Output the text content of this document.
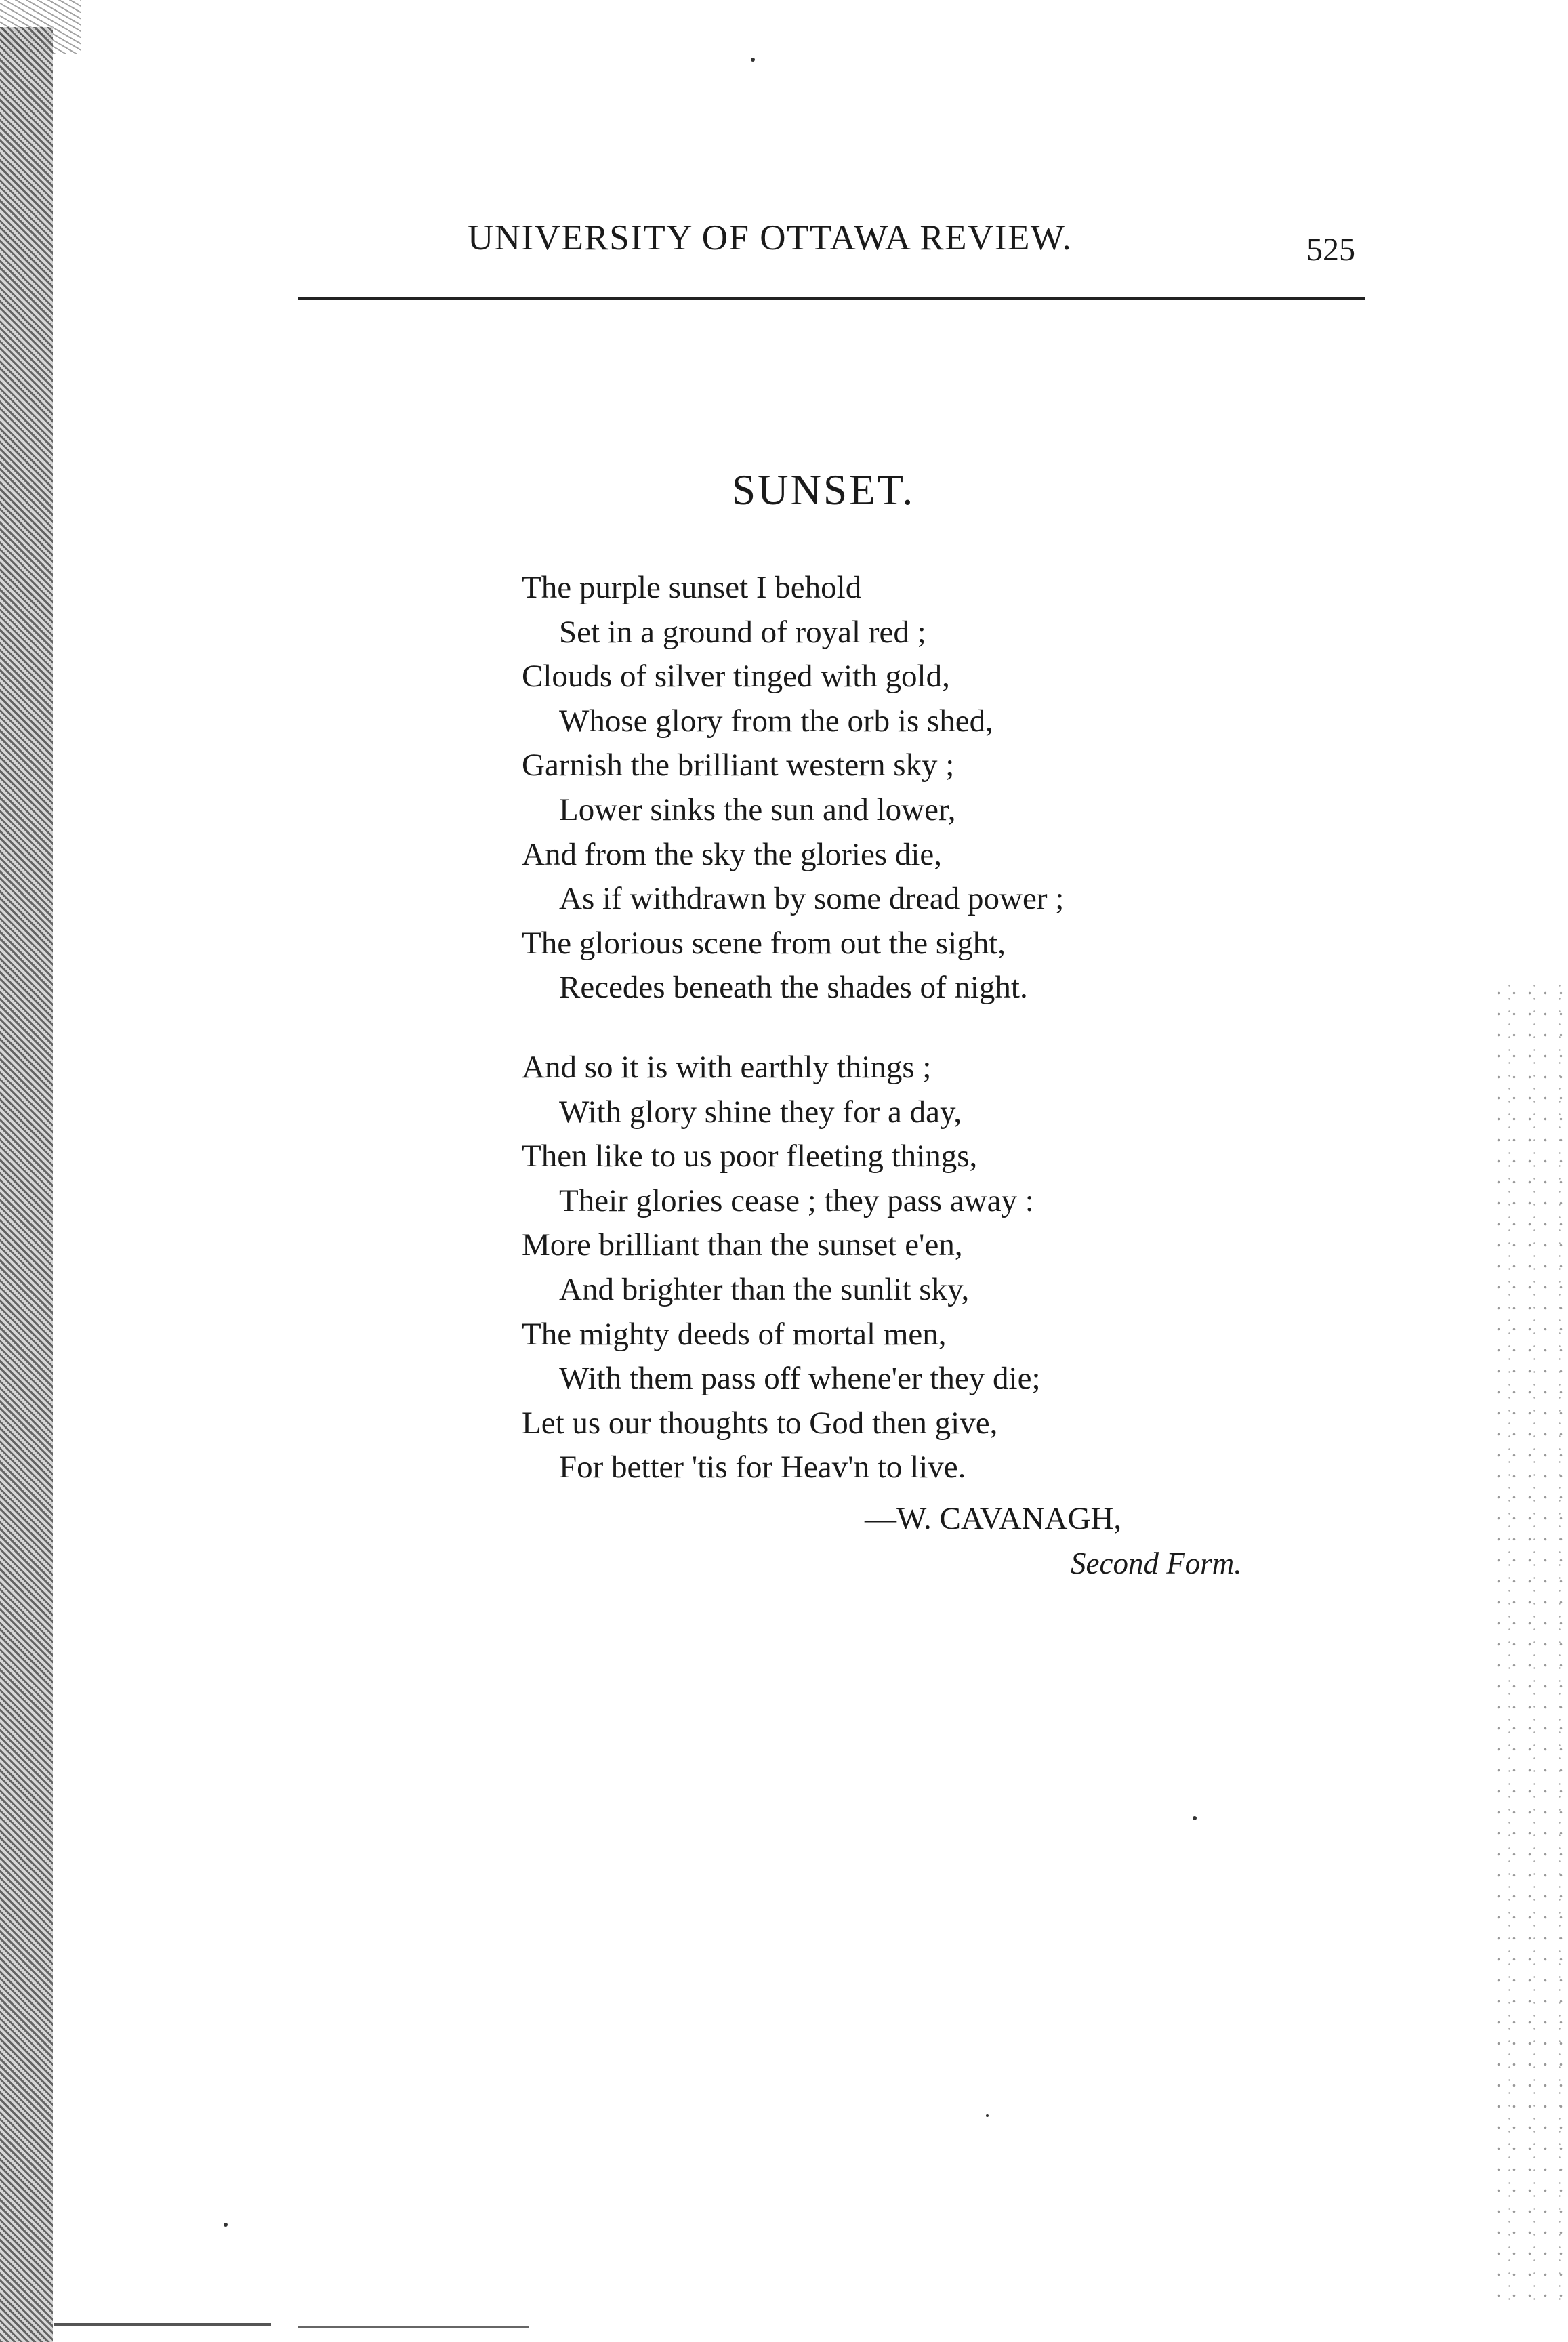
UNIVERSITY OF OTTAWA REVIEW.	525
SUNSET.
The purple sunset I behold
Set in a ground of royal red ;
Clouds of silver tinged with gold,
Whose glory from the orb is shed,
Garnish the brilliant western sky ;
Lower sinks the sun and lower,
And from the sky the glories die,
As if withdrawn by some dread power ;
The glorious scene from out the sight,
Recedes beneath the shades of night.
And so it is with earthly things ;
With glory shine they for a day,
Then like to us poor fleeting things,
Their glories cease ; they pass away :
More brilliant than the sunset e'en,
And brighter than the sunlit sky,
The mighty deeds of mortal men,
With them pass off whene'er they die;
Let us our thoughts to God then give,
For better 'tis for Heav'n to live.
—W. CAVANAGH,
Second Form.
